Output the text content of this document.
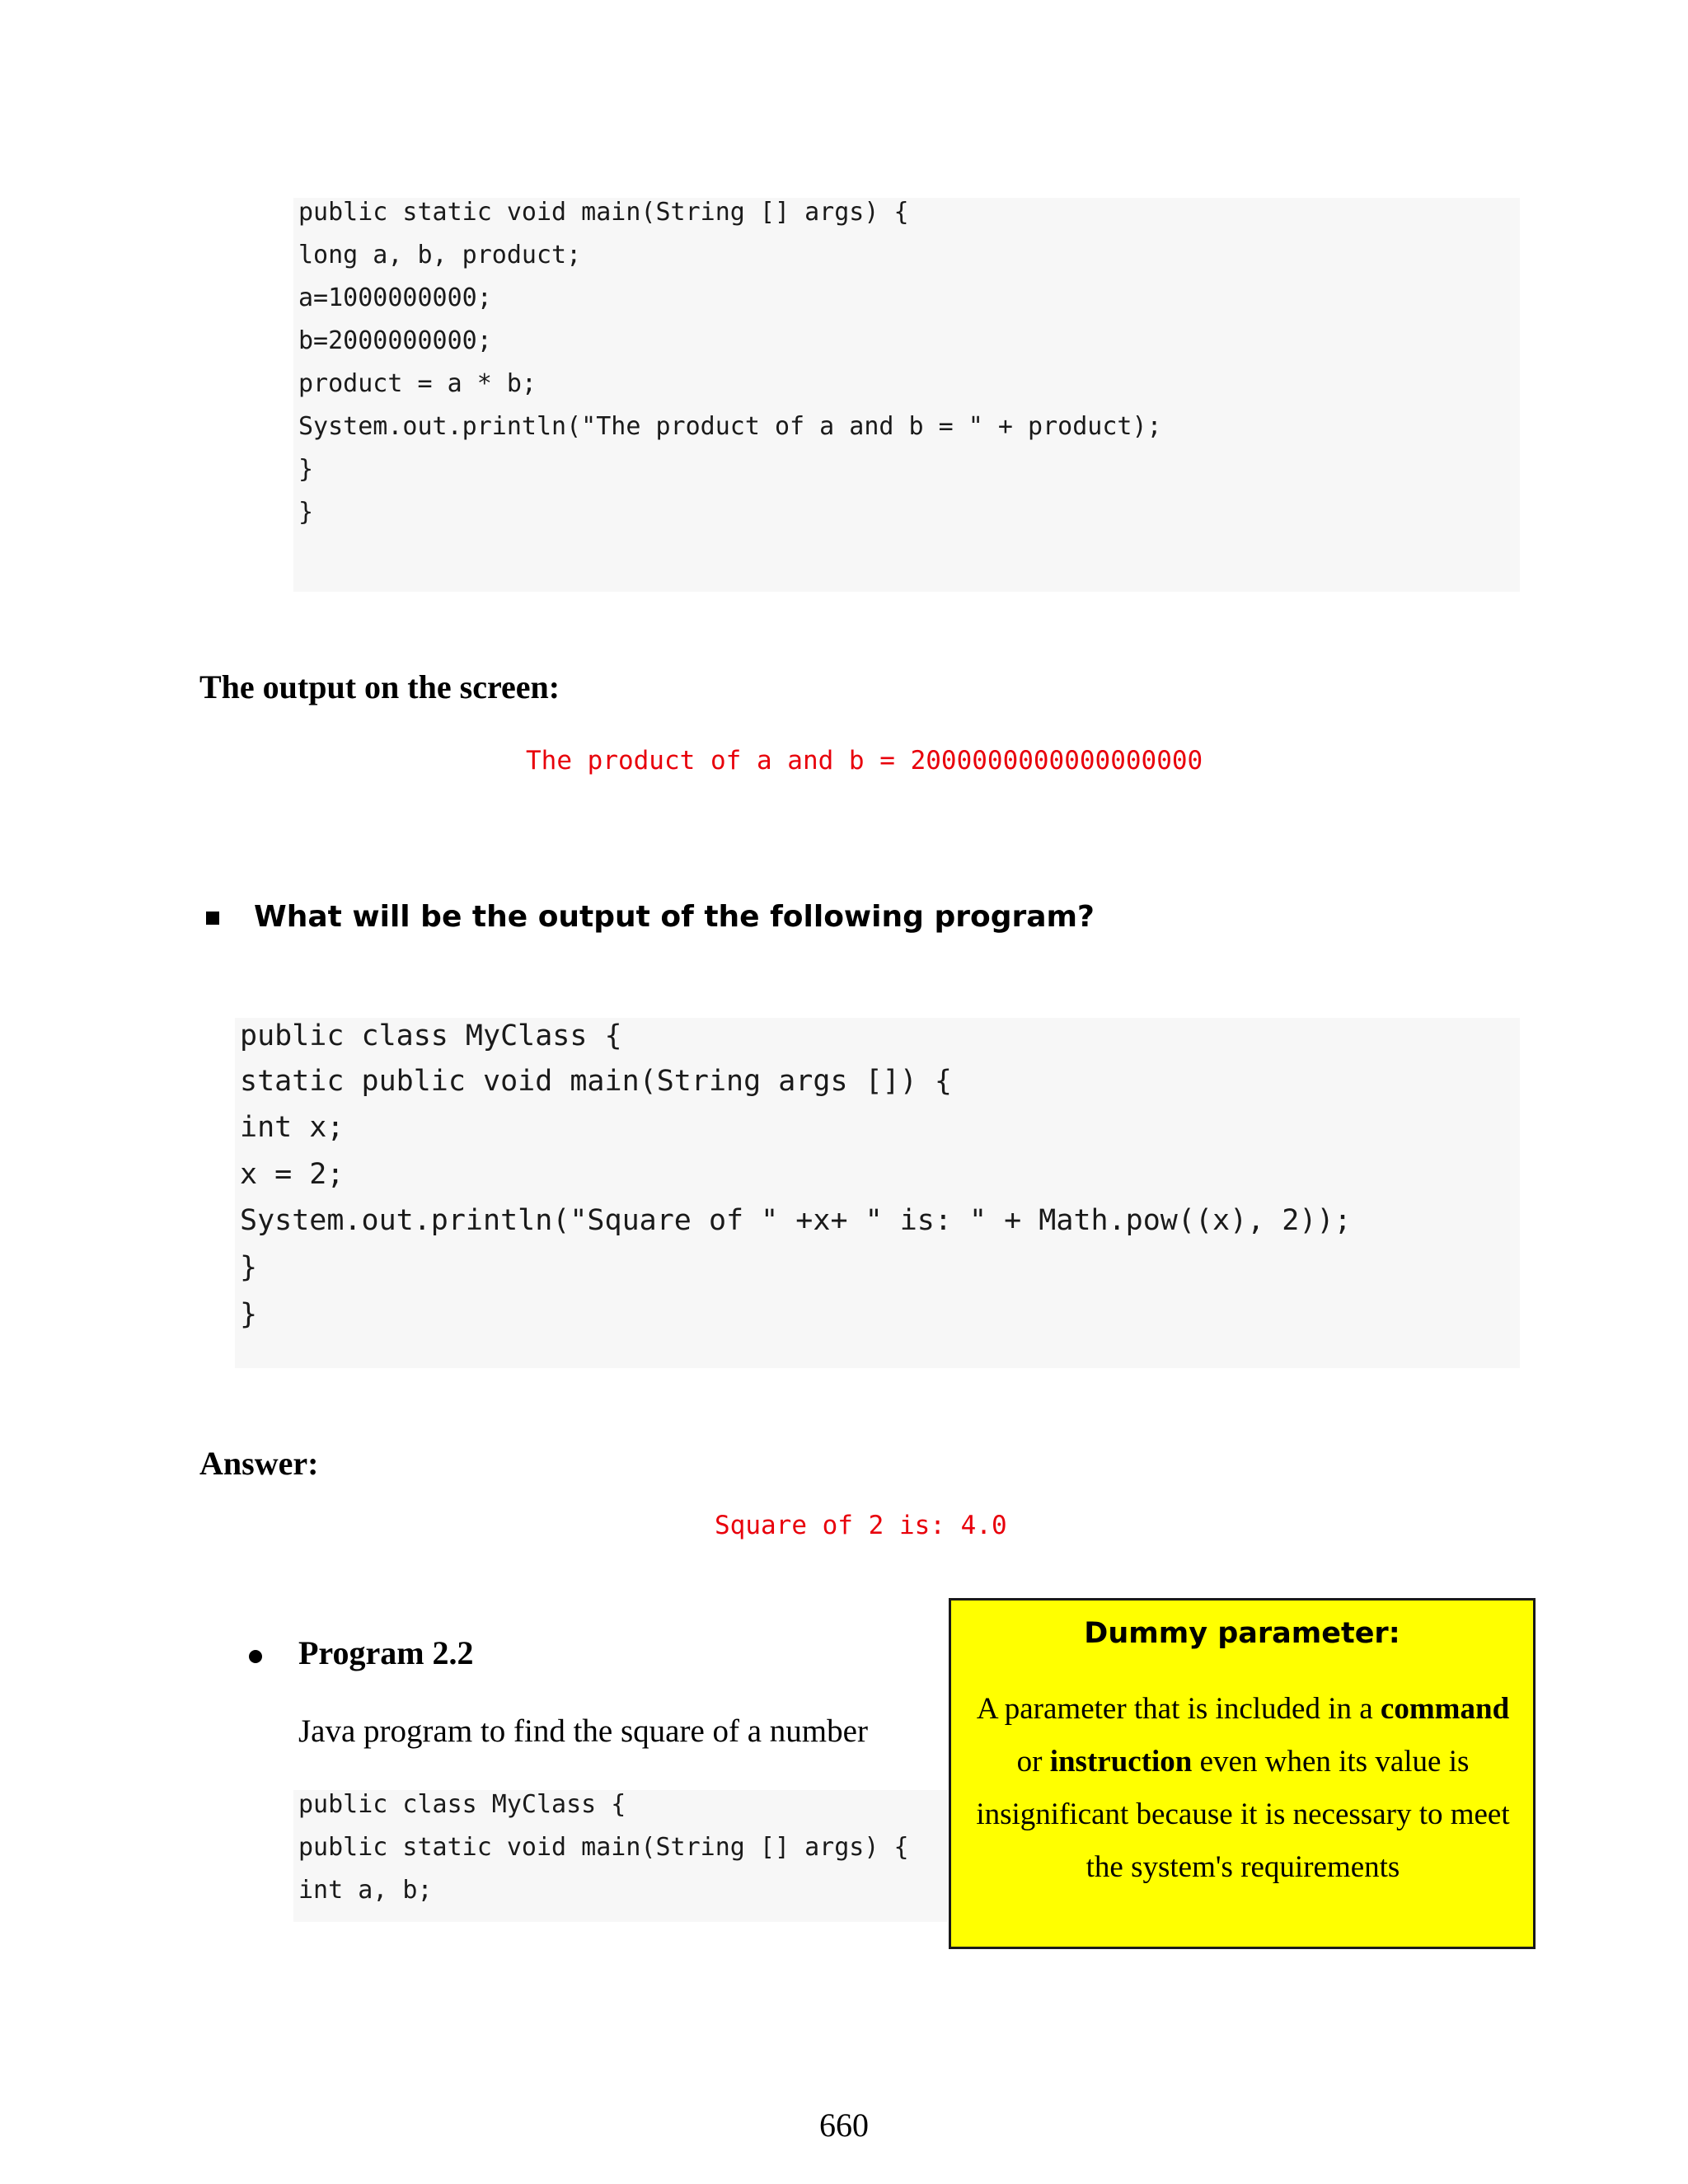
public static void main(String [] args) {
long a, b, product;
a=1000000000;
b=2000000000;
product = a * b;
System.out.println("The product of a and b = " + product);
}
}
The output on the screen:
The product of a and b = 2000000000000000000
What will be the output of the following program?
public class MyClass {
static public void main(String args []) {
int x;
x = 2;
System.out.println("Square of " +x+ " is: " + Math.pow((x), 2));
}
}
Answer:
Square of 2 is: 4.0
Program 2.2
Java program to find the square of a number
public class MyClass {
public static void main(String [] args) {
int a, b;
Dummy parameter:
A parameter that is included in a command or instruction even when its value is insignificant because it is necessary to meet the system's requirements
660
